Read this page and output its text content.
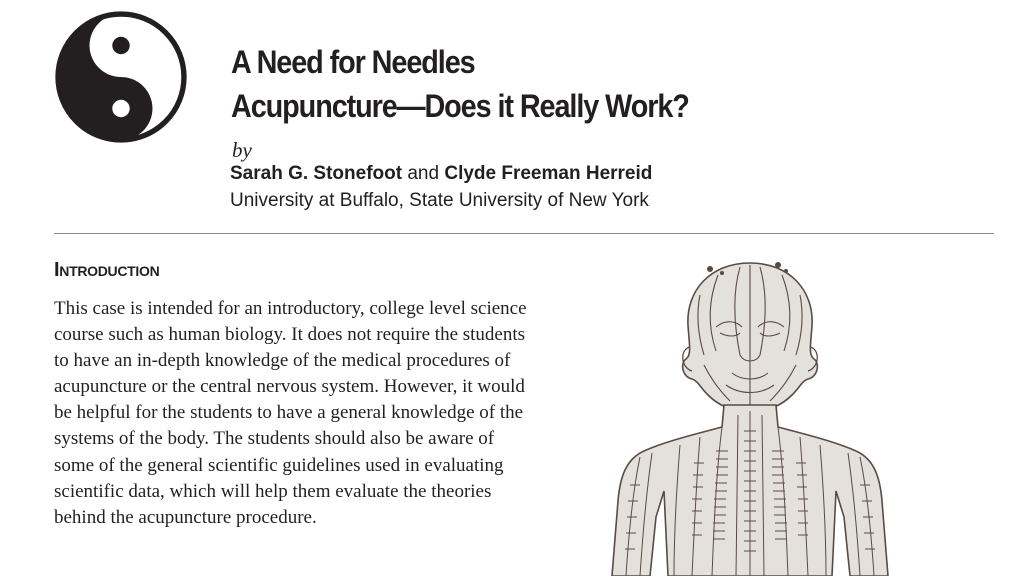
A Need for Needles
Acupuncture—Does it Really Work?
by
Sarah G. Stonefoot and Clyde Freeman Herreid
University at Buffalo, State University of New York
Introduction

This case is intended for an introductory, college level science course such as human biology. It does not require the students to have an in-depth knowledge of the medical procedures of acupuncture or the central nervous system. However, it would be helpful for the students to have a general knowledge of the systems of the body. The students should also be aware of some of the general scientific guidelines used in evaluating scientific data, which will help them evaluate the theories behind the acupuncture procedure.
